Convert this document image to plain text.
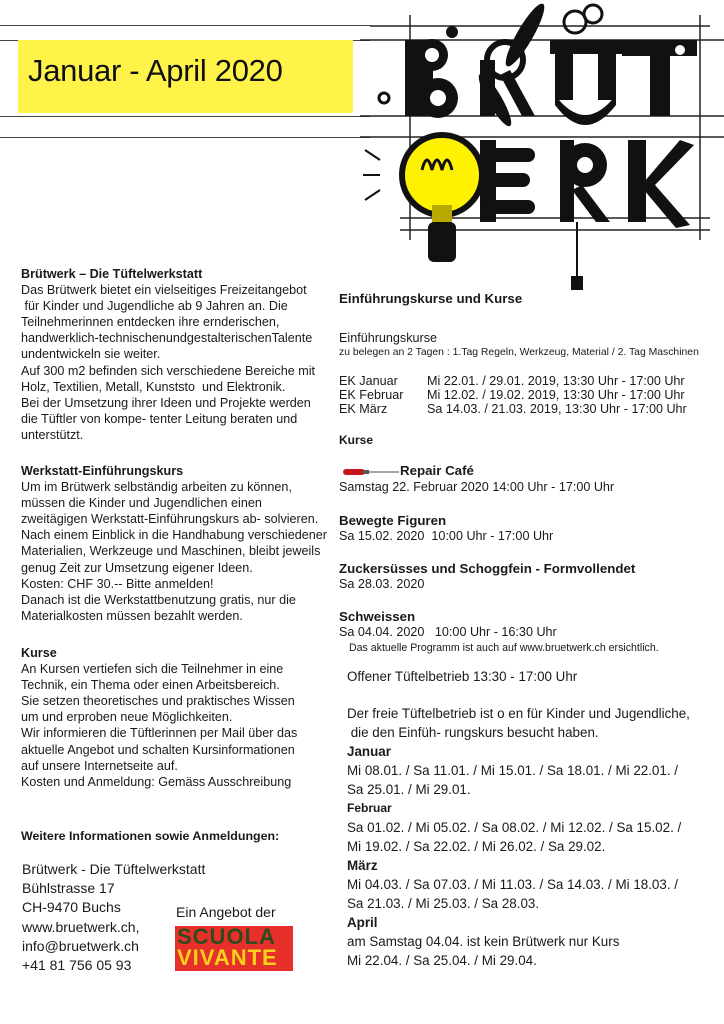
Januar - April 2020
Brütwerk – Die Tüftelwerkstatt
Das Brütwerk bietet ein vielseitiges Freizeitangebot
für Kinder und Jugendliche ab 9 Jahren an. Die
Teilnehmerinnen entdecken ihre ernderischen,
handwerklich-technischenundgestalterischenTalente
undentwickeln sie weiter.
Auf 300 m2 befinden sich verschiedene Bereiche mit
Holz, Textilien, Metall, Kunststo  und Elektronik.
Bei der Umsetzung ihrer Ideen und Projekte werden
die Tüftler von kompe- tenter Leitung beraten und
unterstützt.
Werkstatt-Einführungskurs
Um im Brütwerk selbständig arbeiten zu können,
müssen die Kinder und Jugendlichen einen
zweitägigen Werkstatt-Einführungskurs ab- solvieren.
Nach einem Einblick in die Handhabung verschiedener
Materialien, Werkzeuge und Maschinen, bleibt jeweils
genug Zeit zur Umsetzung eigener Ideen.
Kosten: CHF 30.-- Bitte anmelden!
Danach ist die Werkstattbenutzung gratis, nur die
Materialkosten müssen bezahlt werden.
Kurse
An Kursen vertiefen sich die Teilnehmer in eine
Technik, ein Thema oder einen Arbeitsbereich.
Sie setzen theoretisches und praktisches Wissen
um und erproben neue Möglichkeiten.
Wir informieren die Tüftlerinnen per Mail über das
aktuelle Angebot und schalten Kursinformationen
auf unsere Internetseite auf.
Kosten und Anmeldung: Gemäss Ausschreibung
Weitere Informationen sowie Anmeldungen:
Brütwerk - Die Tüftelwerkstatt
Bühlstrasse 17
CH-9470 Buchs
www.bruetwerk.ch,
info@bruetwerk.ch
+41 81 756 05 93
Ein Angebot der
SCUOLA
VIVANTE
Einführungskurse und Kurse
Einführungskurse
zu belegen an 2 Tagen : 1.Tag Regeln, Werkzeug, Material / 2. Tag Maschinen
EK Januar Mi 22.01. / 29.01. 2019, 13:30 Uhr - 17:00 Uhr
EK Februar Mi 12.02. / 19.02. 2019, 13:30 Uhr - 17:00 Uhr
EK März	Sa 14.03. / 21.03. 2019, 13:30 Uhr - 17:00 Uhr
Kurse
Repair Café
Samstag 22. Februar 2020 14:00 Uhr - 17:00 Uhr
Bewegte Figuren
Sa 15.02. 2020  10:00 Uhr - 17:00 Uhr
Zuckersüsses und Schoggfein - Formvollendet
Sa 28.03. 2020
Schweissen
Sa 04.04. 2020   10:00 Uhr - 16:30 Uhr
Das aktuelle Programm ist auch auf www.bruetwerk.ch ersichtlich.
Offener Tüftelbetrieb 13:30 - 17:00 Uhr
Der freie Tüftelbetrieb ist o en für Kinder und Jugendliche,
die den Einfüh- rungskurs besucht haben.
Januar
Mi 08.01. / Sa 11.01. / Mi 15.01. / Sa 18.01. / Mi 22.01. /
Sa 25.01. / Mi 29.01.
Februar
Sa 01.02. / Mi 05.02. / Sa 08.02. / Mi 12.02. / Sa 15.02. /
Mi 19.02. / Sa 22.02. / Mi 26.02. / Sa 29.02.
März
Mi 04.03. / Sa 07.03. / Mi 11.03. / Sa 14.03. / Mi 18.03. /
Sa 21.03. / Mi 25.03. / Sa 28.03.
April
am Samstag 04.04. ist kein Brütwerk nur Kurs
Mi 22.04. / Sa 25.04. / Mi 29.04.
